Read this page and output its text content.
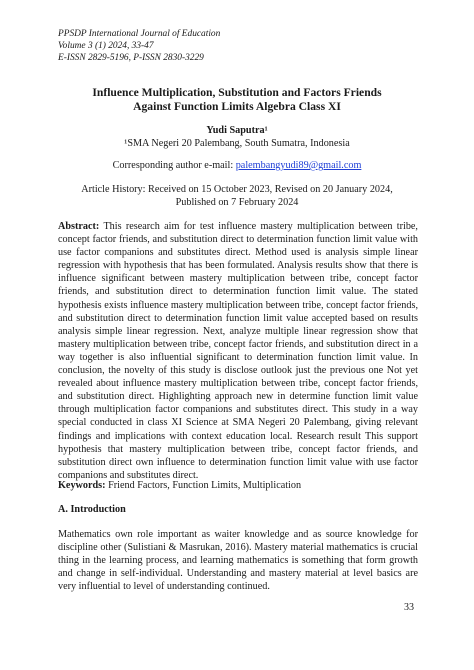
PPSDP International Journal of Education
Volume 3 (1) 2024, 33-47
E-ISSN 2829-5196, P-ISSN 2830-3229
Influence Multiplication, Substitution and Factors Friends
Against Function Limits Algebra Class XI
Yudi Saputra¹
¹SMA Negeri 20 Palembang, South Sumatra, Indonesia
Corresponding author e-mail: palembangyudi89@gmail.com
Article History: Received on 15 October 2023, Revised on 20 January 2024,
Published on 7 February 2024
Abstract: This research aim for test influence mastery multiplication between tribe, concept factor friends, and substitution direct to determination function limit value with use factor companions and substitutes direct. Method used is analysis simple linear regression with hypothesis that has been formulated. Analysis results show that there is influence significant between mastery multiplication between tribe, concept factor friends, and substitution direct to determination function limit value. The stated hypothesis exists influence mastery multiplication between tribe, concept factor friends, and substitution direct to determination function limit value accepted based on results analysis simple linear regression. Next, analyze multiple linear regression show that mastery multiplication between tribe, concept factor friends, and substitution direct in a way together is also influential significant to determination function limit value. In conclusion, the novelty of this study is disclose outlook just the previous one Not yet revealed about influence mastery multiplication between tribe, concept factor friends, and substitution direct. Highlighting approach new in determine function limit value through multiplication factor companions and substitutes direct. This study in a way special conducted in class XI Science at SMA Negeri 20 Palembang, giving relevant findings and implications with context education local. Research result This support hypothesis that mastery multiplication between tribe, concept factor friends, and substitution direct own influence to determination function limit value with use factor companions and substitutes direct.
Keywords: Friend Factors, Function Limits, Multiplication
A. Introduction
Mathematics own role important as waiter knowledge and as source knowledge for discipline other (Sulistiani & Masrukan, 2016). Mastery material mathematics is crucial thing in the learning process, and learning mathematics is something that form growth and change in self-individual. Understanding and mastery material at level basics are very influential to level of understanding continued.
33
